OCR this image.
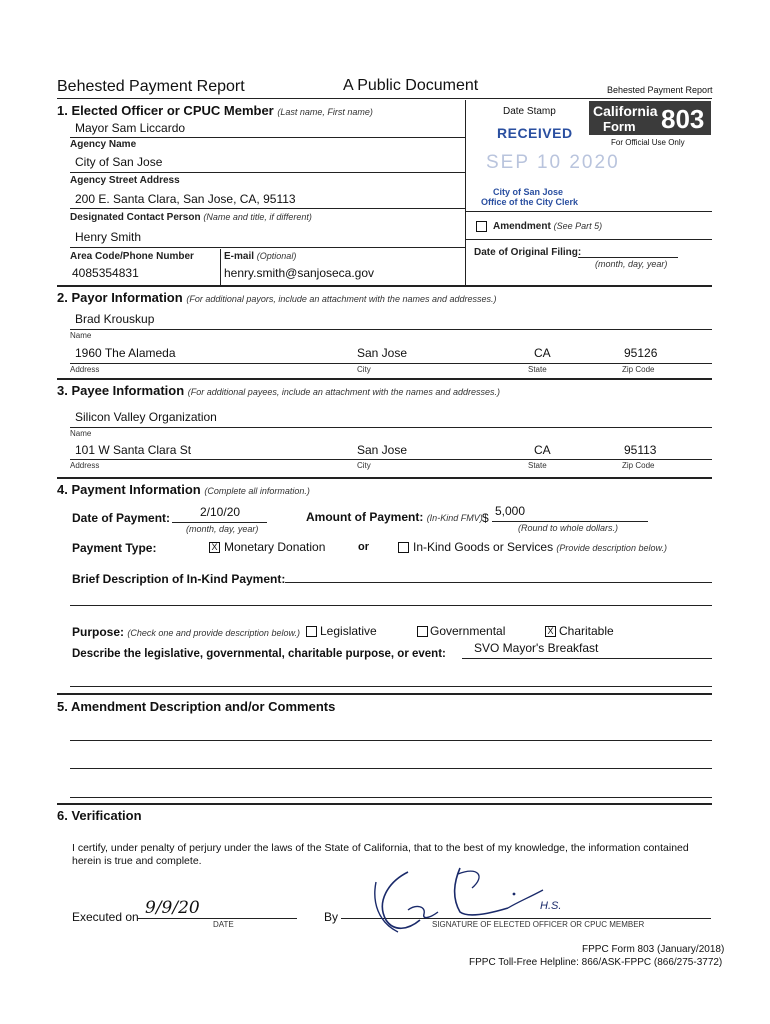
Behested Payment Report	A Public Document	Behested Payment Report
California
Form 803
For Official Use Only
Date Stamp
RECEIVED
SEP 10 2020
City of San Jose
Office of the City Clerk
1. Elected Officer or CPUC Member (Last name, First name)
Mayor Sam Liccardo
Agency Name
City of San Jose
Agency Street Address
200 E. Santa Clara, San Jose, CA, 95113
Designated Contact Person (Name and title, if different)
Henry Smith
Area Code/Phone Number	E-mail (Optional)
4085354831	henry.smith@sanjoseca.gov
Amendment (See Part 5)
Date of Original Filing:
(month, day, year)
2. Payor Information (For additional payors, include an attachment with the names and addresses.)
Brad Krouskup
Name
1960 The Alameda	San Jose	CA	95126
Address	City	State	Zip Code
3. Payee Information (For additional payees, include an attachment with the names and addresses.)
Silicon Valley Organization
Name
101 W Santa Clara St	San Jose	CA	95113
Address	City	State	Zip Code
4. Payment Information (Complete all information.)
Date of Payment: 2/10/20
(month, day, year)
Amount of Payment: (In-Kind FMV) $ 5,000
(Round to whole dollars.)
Payment Type:	X Monetary Donation	or	In-Kind Goods or Services (Provide description below.)
Brief Description of In-Kind Payment:
Purpose: (Check one and provide description below.) Legislative	Governmental	X Charitable
Describe the legislative, governmental, charitable purpose, or event: SVO Mayor's Breakfast
5. Amendment Description and/or Comments
6. Verification
I certify, under penalty of perjury under the laws of the State of California, that to the best of my knowledge, the information contained
herein is true and complete.
Executed on 9/9/20
DATE
By
H.S.
SIGNATURE OF ELECTED OFFICER OR CPUC MEMBER
FPPC Form 803 (January/2018)
FPPC Toll-Free Helpline: 866/ASK-FPPC (866/275-3772)
